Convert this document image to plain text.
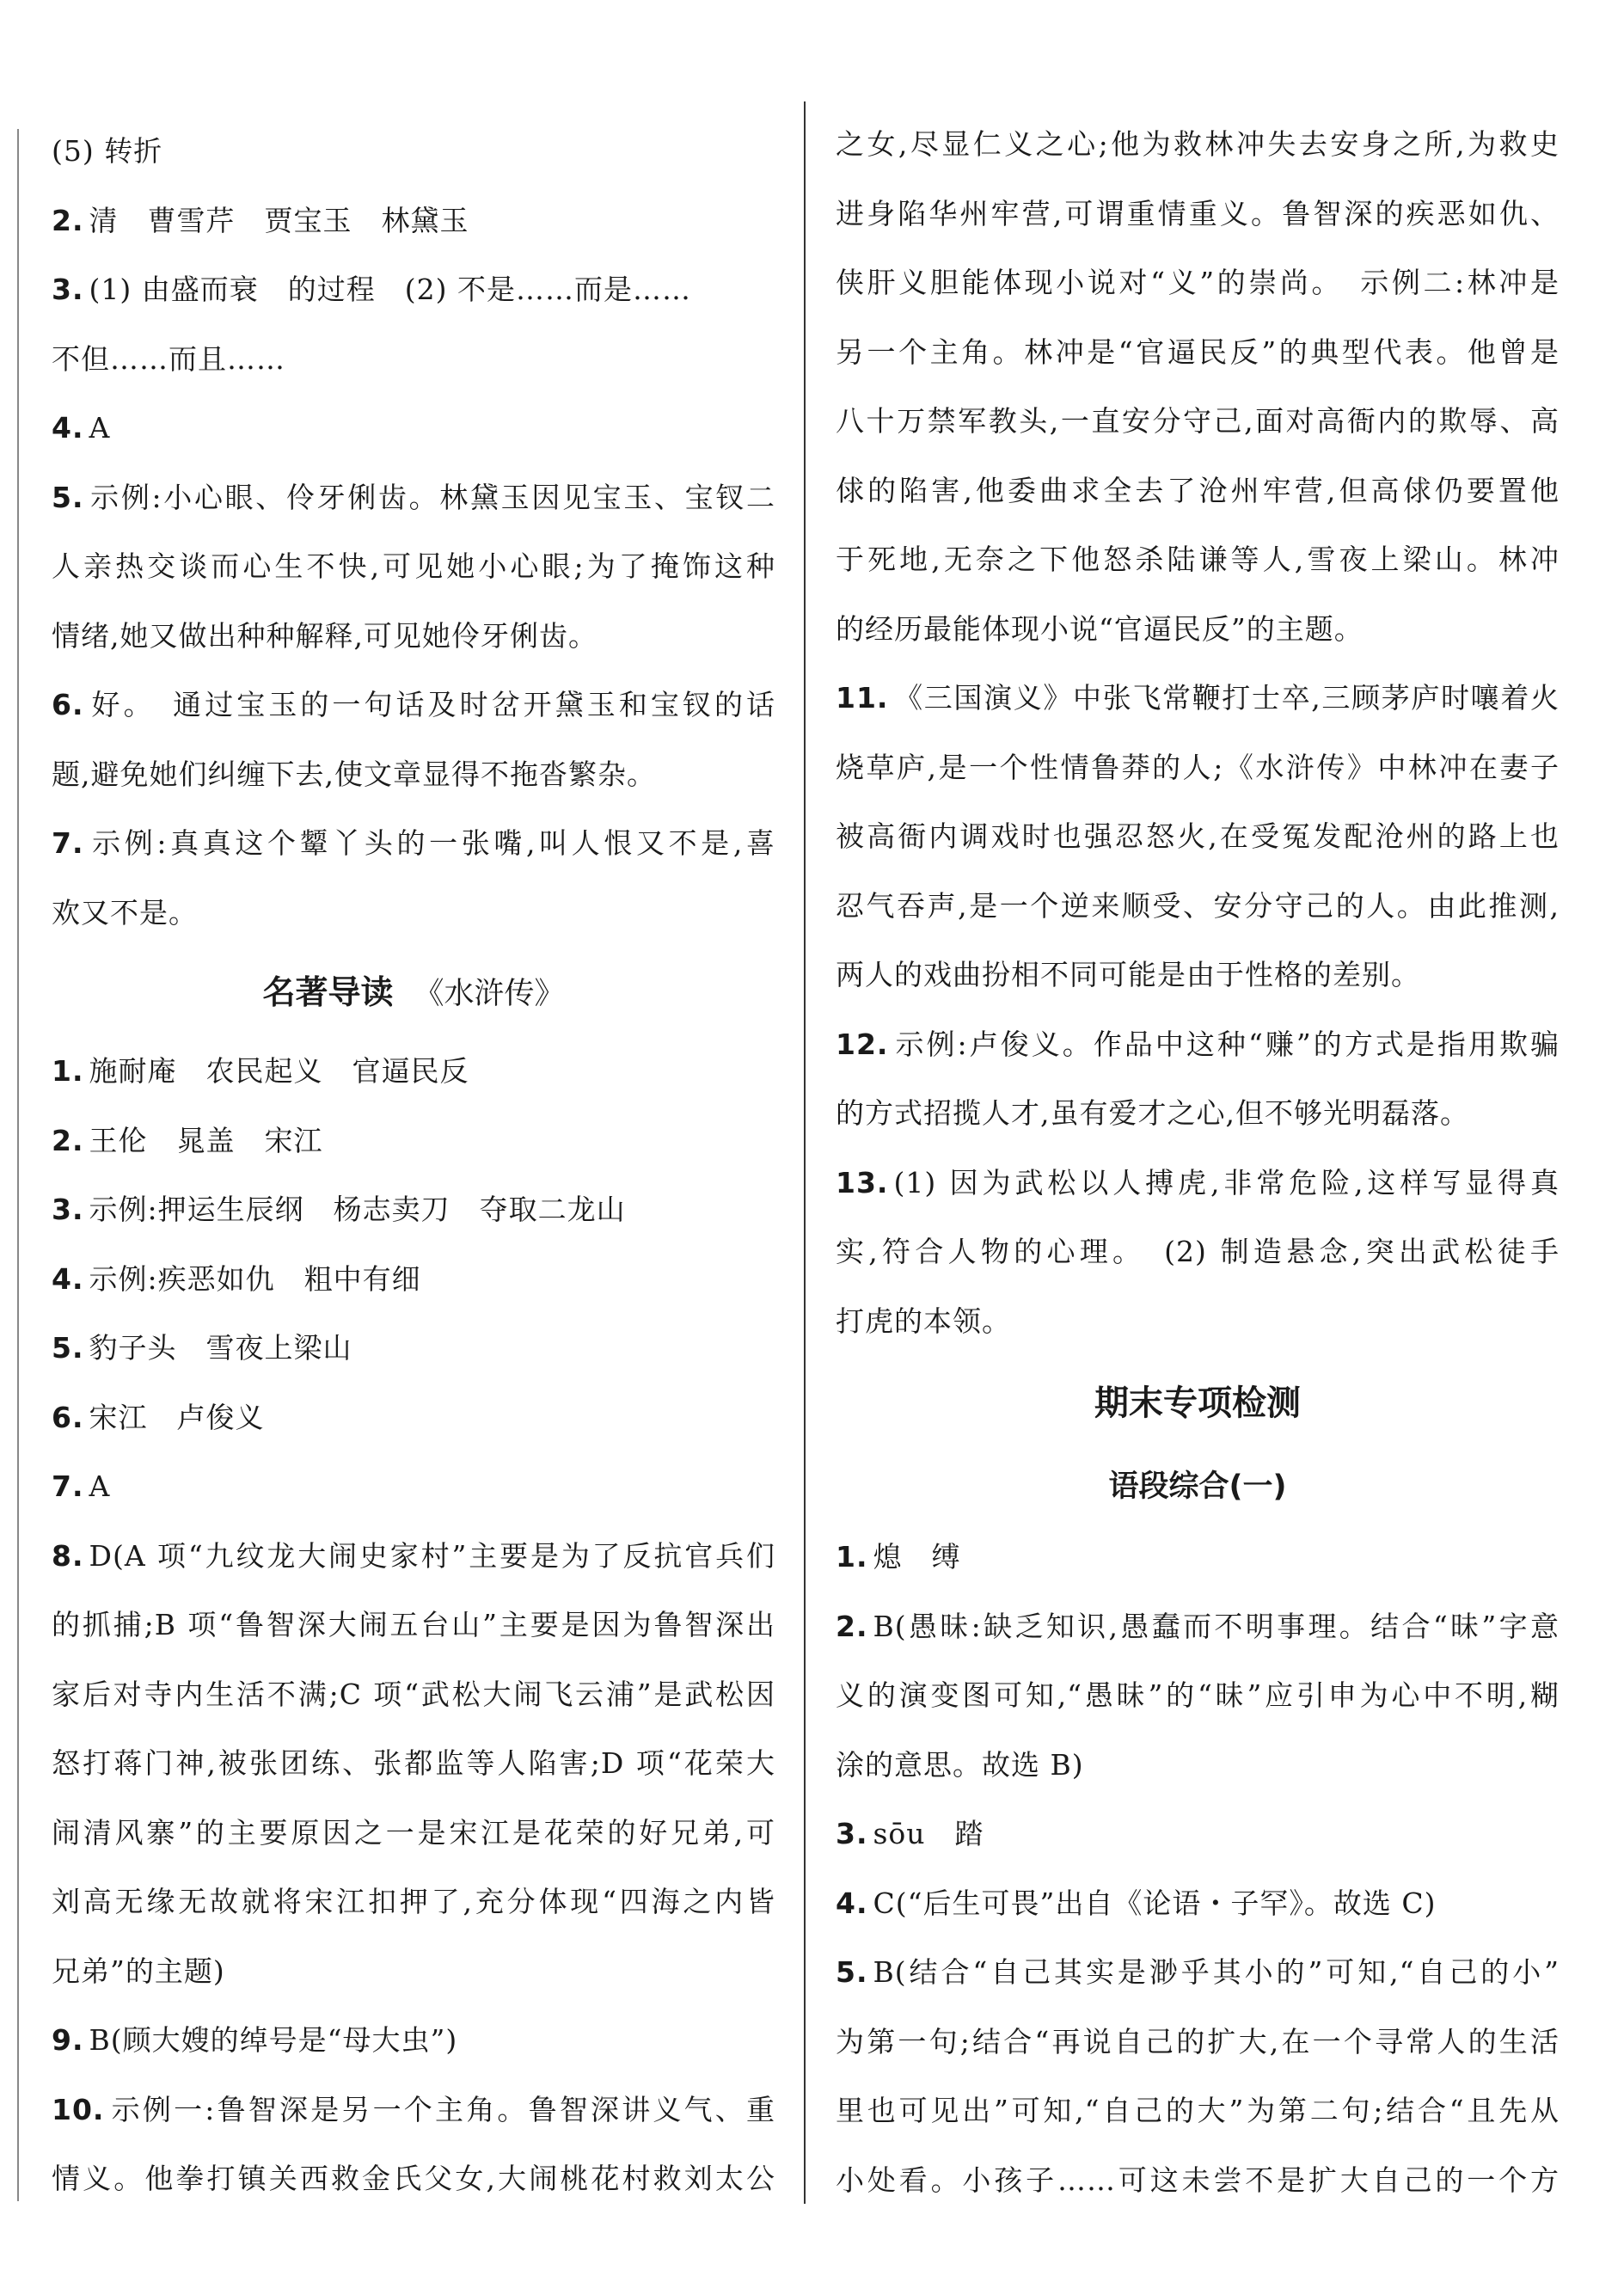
(5) 转折
2. 清　曹雪芹　贾宝玉　林黛玉
3. (1) 由盛而衰　的过程　(2) 不是……而是……
不但……而且……
4. A
5. 示例:小心眼、伶牙俐齿。林黛玉因见宝玉、宝钗二
人亲热交谈而心生不快,可见她小心眼;为了掩饰这种
情绪,她又做出种种解释,可见她伶牙俐齿。
6. 好。　通过宝玉的一句话及时岔开黛玉和宝钗的话
题,避免她们纠缠下去,使文章显得不拖沓繁杂。
7. 示例:真真这个颦丫头的一张嘴,叫人恨又不是,喜
欢又不是。
名著导读 《水浒传》
1. 施耐庵　农民起义　官逼民反
2. 王伦　晁盖　宋江
3. 示例:押运生辰纲　杨志卖刀　夺取二龙山
4. 示例:疾恶如仇　粗中有细
5. 豹子头　雪夜上梁山
6. 宋江　卢俊义
7. A
8. D(A 项“九纹龙大闹史家村”主要是为了反抗官兵们
的抓捕;B 项“鲁智深大闹五台山”主要是因为鲁智深出
家后对寺内生活不满;C 项“武松大闹飞云浦”是武松因
怒打蒋门神,被张团练、张都监等人陷害;D 项“花荣大
闹清风寨”的主要原因之一是宋江是花荣的好兄弟,可
刘高无缘无故就将宋江扣押了,充分体现“四海之内皆
兄弟”的主题)
9. B(顾大嫂的绰号是“母大虫”)
10. 示例一:鲁智深是另一个主角。鲁智深讲义气、重
情义。他拳打镇关西救金氏父女,大闹桃花村救刘太公
之女,尽显仁义之心;他为救林冲失去安身之所,为救史
进身陷华州牢营,可谓重情重义。鲁智深的疾恶如仇、
侠肝义胆能体现小说对“义”的崇尚。　示例二:林冲是
另一个主角。林冲是“官逼民反”的典型代表。他曾是
八十万禁军教头,一直安分守己,面对高衙内的欺辱、高
俅的陷害,他委曲求全去了沧州牢营,但高俅仍要置他
于死地,无奈之下他怒杀陆谦等人,雪夜上梁山。林冲
的经历最能体现小说“官逼民反”的主题。
11. 《三国演义》中张飞常鞭打士卒,三顾茅庐时嚷着火
烧草庐,是一个性情鲁莽的人;《水浒传》中林冲在妻子
被高衙内调戏时也强忍怒火,在受冤发配沧州的路上也
忍气吞声,是一个逆来顺受、安分守己的人。由此推测,
两人的戏曲扮相不同可能是由于性格的差别。
12. 示例:卢俊义。作品中这种“赚”的方式是指用欺骗
的方式招揽人才,虽有爱才之心,但不够光明磊落。
13. (1) 因为武松以人搏虎,非常危险,这样写显得真
实,符合人物的心理。　(2) 制造悬念,突出武松徒手
打虎的本领。
期末专项检测
语段综合(一)
1. 熄　缚
2. B(愚昧:缺乏知识,愚蠢而不明事理。结合“昧”字意
义的演变图可知,“愚昧”的“昧”应引申为心中不明,糊
涂的意思。故选 B)
3. sōu　踏
4. C(“后生可畏”出自《论语・子罕》。故选 C)
5. B(结合“自己其实是渺乎其小的”可知,“自己的小”
为第一句;结合“再说自己的扩大,在一个寻常人的生活
里也可见出”可知,“自己的大”为第二句;结合“且先从
小处看。小孩子……可这未尝不是扩大自己的一个方
